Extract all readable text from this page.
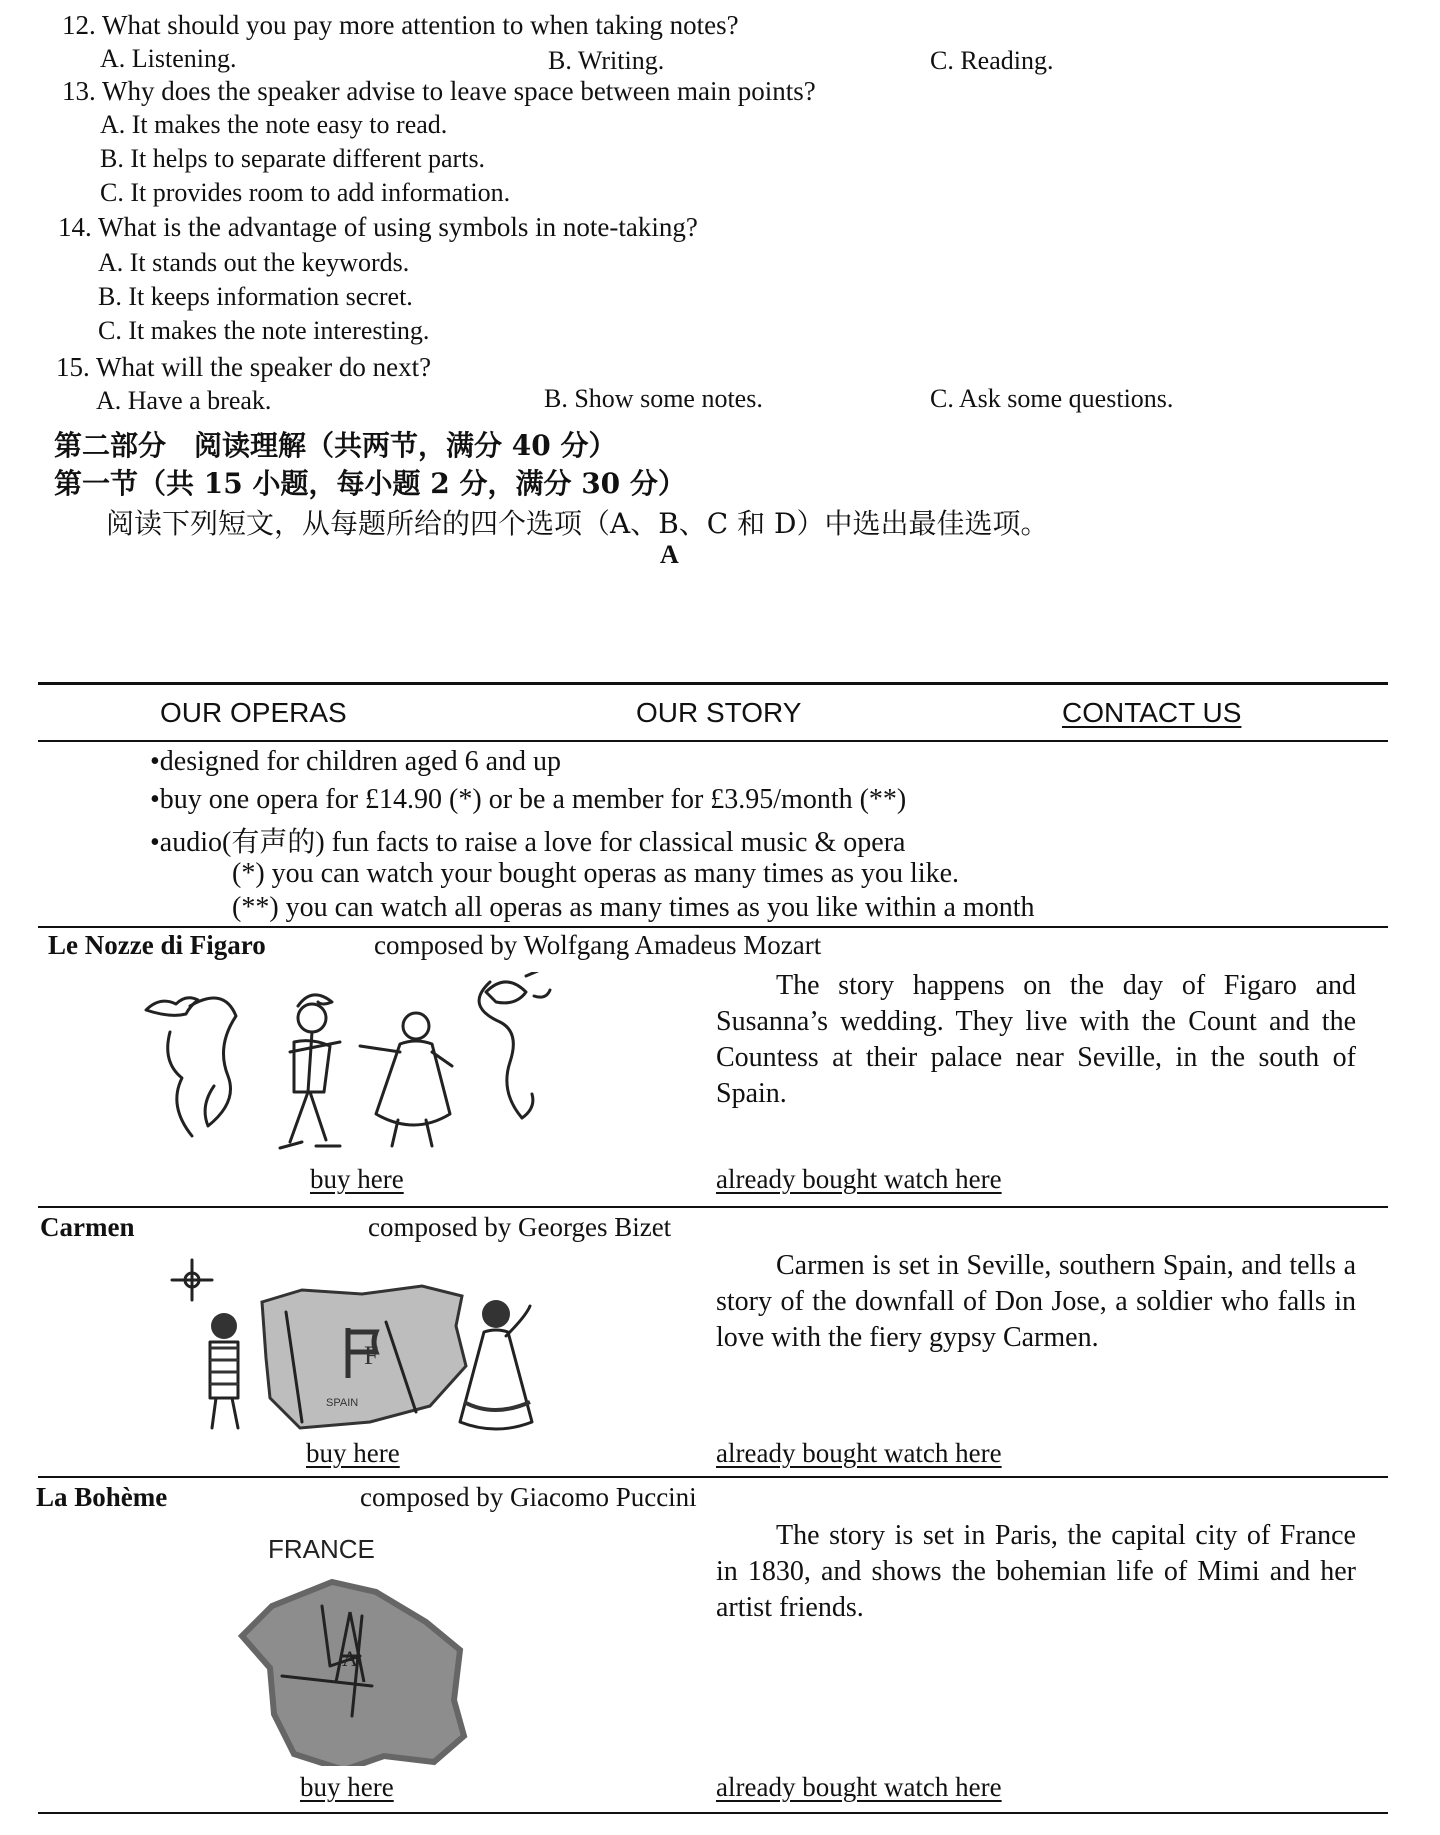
12. What should you pay more attention to when taking notes?
A. Listening.	B. Writing.	C. Reading.
13. Why does the speaker advise to leave space between main points?
A. It makes the note easy to read.
B. It helps to separate different parts.
C. It provides room to add information.
14. What is the advantage of using symbols in note-taking?
A. It stands out the keywords.
B. It keeps information secret.
C. It makes the note interesting.
15. What will the speaker do next?
A. Have a break.	B. Show some notes.	C. Ask some questions.
第二部分　阅读理解（共两节，满分 40 分）
第一节（共 15 小题，每小题 2 分，满分 30 分）
阅读下列短文，从每题所给的四个选项（A、B、C 和 D）中选出最佳选项。
A
OUR OPERAS	OUR STORY	CONTACT US
•designed for children aged 6 and up
•buy one opera for £14.90 (*) or be a member for £3.95/month (**)
•audio(有声的) fun facts to raise a love for classical music & opera
(*) you can watch your bought operas as many times as you like.
(**) you can watch all operas as many times as you like within a month
Le Nozze di Figaro	composed by Wolfgang Amadeus Mozart
The story happens on the day of Figaro and Susanna’s wedding. They live with the Count and the Countess at their palace near Seville, in the south of Spain.
buy here	already bought watch here
Carmen	composed by Georges Bizet
F
SPAIN
Carmen is set in Seville, southern Spain, and tells a story of the downfall of Don Jose, a soldier who falls in love with the fiery gypsy Carmen.
buy here	already bought watch here
La Bohème	composed by Giacomo Puccini
FRANCE
A
The story is set in Paris, the capital city of France in 1830, and shows the bohemian life of Mimi and her artist friends.
buy here	already bought watch here
